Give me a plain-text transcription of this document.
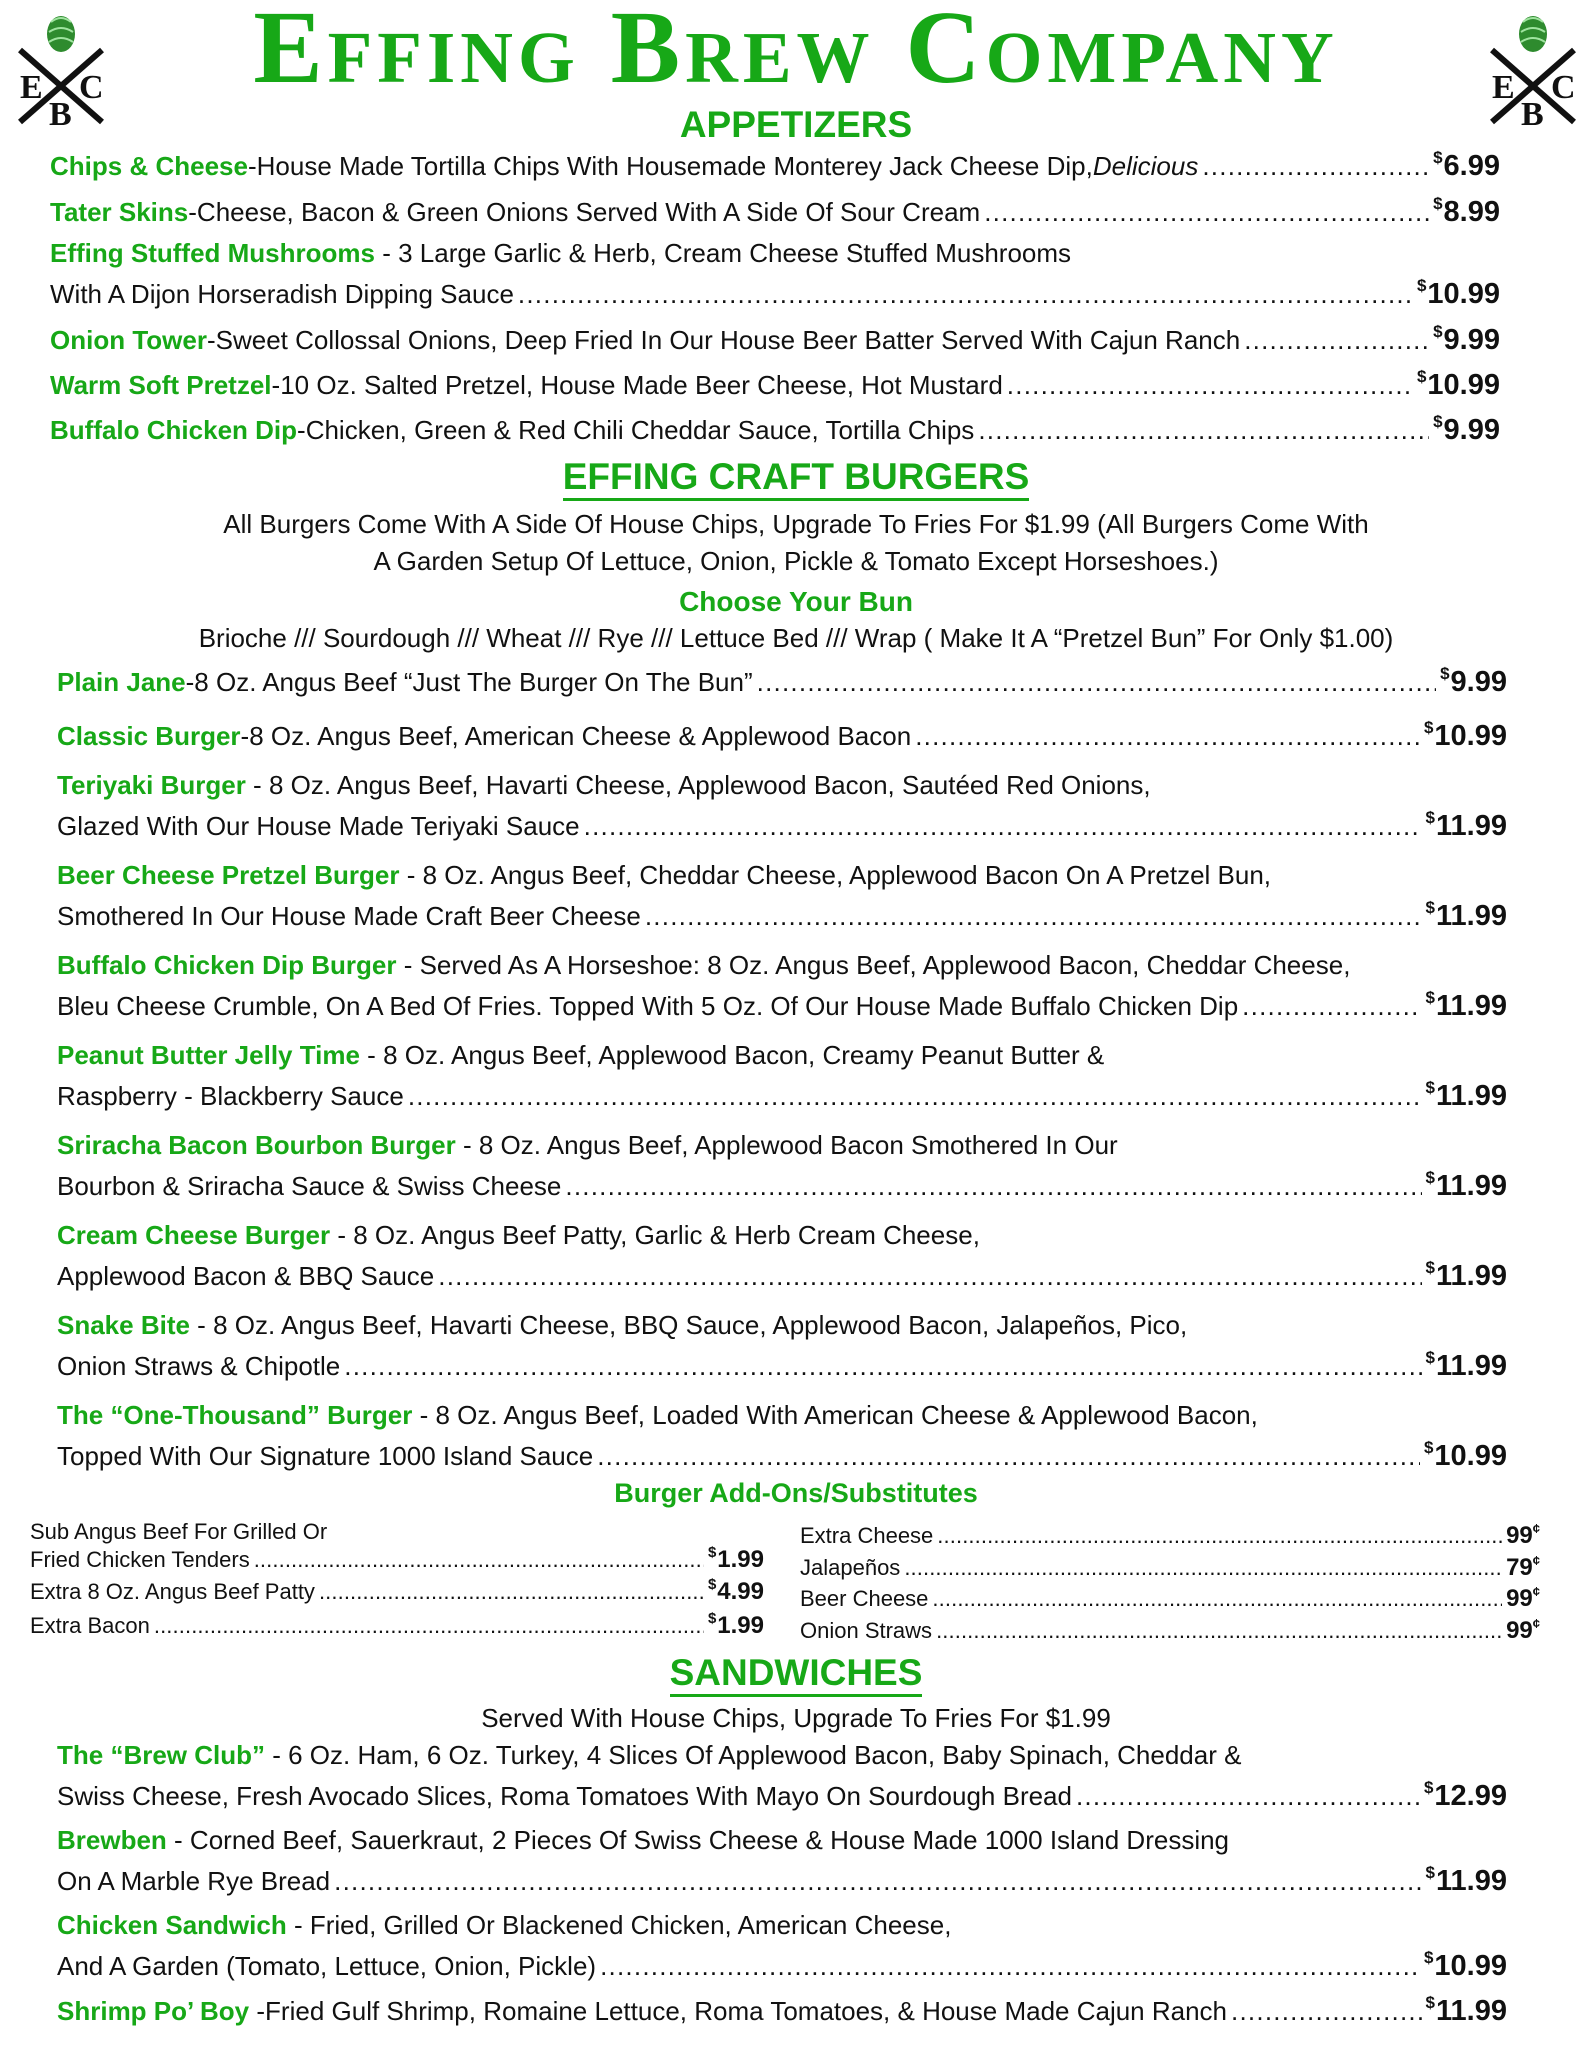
E C
B
E C
B
Effing Brew Company
APPETIZERS
Chips & Cheese - House Made Tortilla Chips With Housemade Monterey Jack Cheese Dip, Delicious . . .	$6.99
Tater Skins - Cheese, Bacon & Green Onions Served With A Side Of Sour Cream . . .	$8.99
Effing Stuffed Mushrooms - 3 Large Garlic & Herb, Cream Cheese Stuffed Mushrooms
With A Dijon Horseradish Dipping Sauce . . .	$10.99
Onion Tower - Sweet Collossal Onions, Deep Fried In Our House Beer Batter Served With Cajun Ranch . . .	$9.99
Warm Soft Pretzel - 10 Oz. Salted Pretzel, House Made Beer Cheese, Hot Mustard . . .	$10.99
Buffalo Chicken Dip - Chicken, Green & Red Chili Cheddar Sauce, Tortilla Chips . . .	$9.99
EFFING CRAFT BURGERS
All Burgers Come With A Side Of House Chips, Upgrade To Fries For $1.99 (All Burgers Come With
A Garden Setup Of Lettuce, Onion, Pickle & Tomato Except Horseshoes.)
Choose Your Bun
Brioche /// Sourdough /// Wheat /// Rye /// Lettuce Bed /// Wrap ( Make It A “Pretzel Bun” For Only $1.00)
Plain Jane - 8 Oz. Angus Beef “Just The Burger On The Bun” . . .	$9.99
Classic Burger - 8 Oz. Angus Beef, American Cheese & Applewood Bacon . . .	$10.99
Teriyaki Burger - 8 Oz. Angus Beef, Havarti Cheese, Applewood Bacon, Sautéed Red Onions,
Glazed With Our House Made Teriyaki Sauce . . .	$11.99
Beer Cheese Pretzel Burger - 8 Oz. Angus Beef, Cheddar Cheese, Applewood Bacon On A Pretzel Bun,
Smothered In Our House Made Craft Beer Cheese . . .	$11.99
Buffalo Chicken Dip Burger - Served As A Horseshoe: 8 Oz. Angus Beef, Applewood Bacon, Cheddar Cheese,
Bleu Cheese Crumble, On A Bed Of Fries. Topped With 5 Oz. Of Our House Made Buffalo Chicken Dip . . .	$11.99
Peanut Butter Jelly Time - 8 Oz. Angus Beef, Applewood Bacon, Creamy Peanut Butter &
Raspberry - Blackberry Sauce . . .	$11.99
Sriracha Bacon Bourbon Burger - 8 Oz. Angus Beef, Applewood Bacon Smothered In Our
Bourbon & Sriracha Sauce & Swiss Cheese . . .	$11.99
Cream Cheese Burger - 8 Oz. Angus Beef Patty, Garlic & Herb Cream Cheese,
Applewood Bacon & BBQ Sauce . . .	$11.99
Snake Bite - 8 Oz. Angus Beef, Havarti Cheese, BBQ Sauce, Applewood Bacon, Jalapeños, Pico,
Onion Straws & Chipotle . . .	$11.99
The “One-Thousand” Burger - 8 Oz. Angus Beef, Loaded With American Cheese & Applewood Bacon,
Topped With Our Signature 1000 Island Sauce . . .	$10.99
Burger Add-Ons/Substitutes
Sub Angus Beef For Grilled Or
Fried Chicken Tenders . . .	$1.99
Extra 8 Oz. Angus Beef Patty . . .	$4.99
Extra Bacon . . .	$1.99
Extra Cheese . . .	99¢
Jalapeños . . .	79¢
Beer Cheese . . .	99¢
Onion Straws . . .	99¢
SANDWICHES
Served With House Chips, Upgrade To Fries For $1.99
The “Brew Club” - 6 Oz. Ham, 6 Oz. Turkey, 4 Slices Of Applewood Bacon, Baby Spinach, Cheddar &
Swiss Cheese, Fresh Avocado Slices, Roma Tomatoes With Mayo On Sourdough Bread . . .	$12.99
Brewben - Corned Beef, Sauerkraut, 2 Pieces Of Swiss Cheese & House Made 1000 Island Dressing
On A Marble Rye Bread . . .	$11.99
Chicken Sandwich - Fried, Grilled Or Blackened Chicken, American Cheese,
And A Garden (Tomato, Lettuce, Onion, Pickle) . . .	$10.99
Shrimp Po’ Boy - Fried Gulf Shrimp, Romaine Lettuce, Roma Tomatoes, & House Made Cajun Ranch . . .	$11.99
